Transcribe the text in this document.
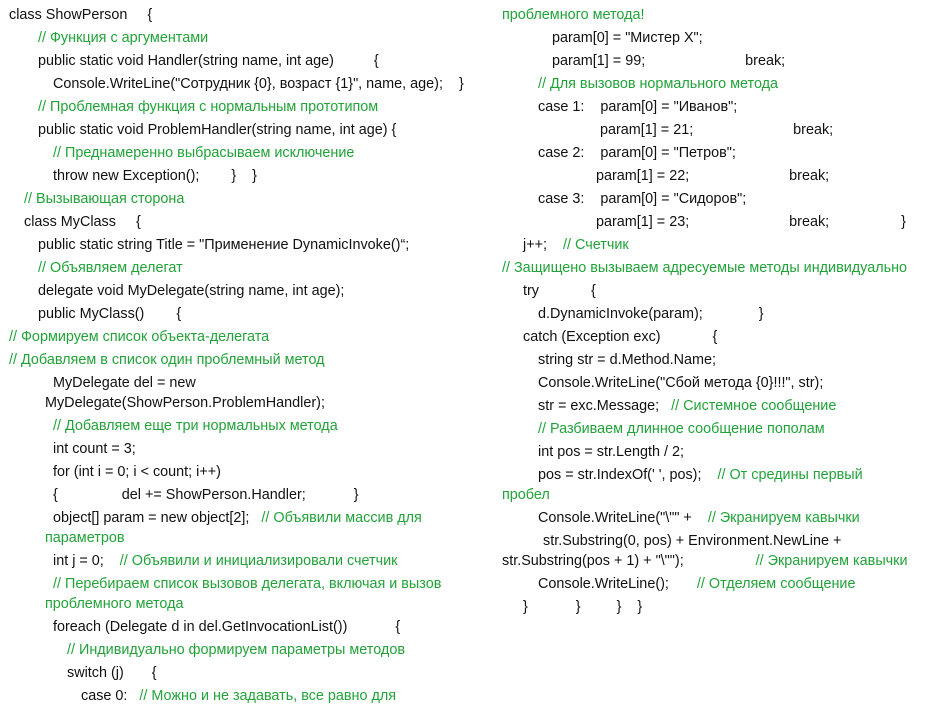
class ShowPerson     {
// Функция с аргументами
public static void Handler(string name, int age)          {
Console.WriteLine("Сотрудник {0}, возраст {1}", name, age);    }
// Проблемная функция с нормальным прототипом
public static void ProblemHandler(string name, int age) {
// Преднамеренно выбрасываем исключение
throw new Exception();        }    }
// Вызывающая сторона
class MyClass     {
public static string Title = "Применение DynamicInvoke()“;
// Объявляем делегат
delegate void MyDelegate(string name, int age);
public MyClass()        {
// Формируем список объекта-делегата
// Добавляем в список один проблемный метод
MyDelegate del = new
MyDelegate(ShowPerson.ProblemHandler);
// Добавляем еще три нормальных метода
int count = 3;
for (int i = 0; i < count; i++)
{                del += ShowPerson.Handler;            }
object[] param = new object[2];   // Объявили массив для
параметров
int j = 0;    // Объявили и инициализировали счетчик
// Перебираем список вызовов делегата, включая и вызов
проблемного метода
foreach (Delegate d in del.GetInvocationList())            {
// Индивидуально формируем параметры методов
switch (j)       {
case 0:   // Можно и не задавать, все равно для
проблемного метода!
param[0] = "Мистер X";
param[1] = 99;                         break;
// Для вызовов нормального метода
case 1:    param[0] = "Иванов";
param[1] = 21;                         break;
case 2:    param[0] = "Петров";
param[1] = 22;                         break;
case 3:    param[0] = "Сидоров";
param[1] = 23;                         break;                  }
j++;    // Счетчик
// Защищено вызываем адресуемые методы индивидуально
try             {
d.DynamicInvoke(param);              }
catch (Exception exc)             {
string str = d.Method.Name;
Console.WriteLine("Сбой метода {0}!!!", str);
str = exc.Message;   // Системное сообщение
// Разбиваем длинное сообщение пополам
int pos = str.Length / 2;
pos = str.IndexOf(' ', pos);    // От средины первый
пробел
Console.WriteLine("\"" +    // Экранируем кавычки
str.Substring(0, pos) + Environment.NewLine +
str.Substring(pos + 1) + "\"");                  // Экранируем кавычки
Console.WriteLine();       // Отделяем сообщение
}            }         }    }
